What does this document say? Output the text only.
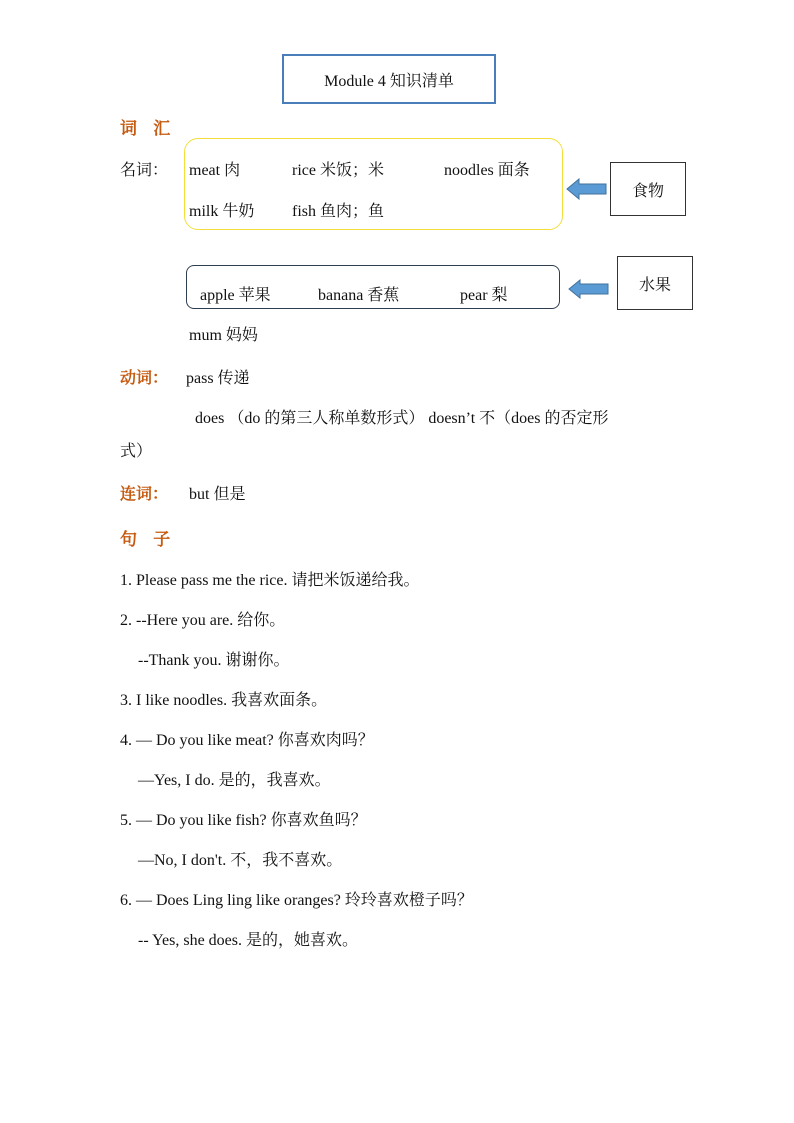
Module 4 知识清单
词 汇
名词： meat 肉	rice 米饭；米	noodles 面条
milk 牛奶 fish 鱼肉；鱼
食物
apple 苹果	banana 香蕉	pear 梨
水果
mum 妈妈
动词： pass 传递
does （do 的第三人称单数形式） doesn’t 不（does 的否定形
式）
连词： but 但是
句 子
1. Please pass me the rice. 请把米饭递给我。
2. --Here you are. 给你。
--Thank you. 谢谢你。
3. I like noodles. 我喜欢面条。
4. — Do you like meat? 你喜欢肉吗？
—Yes, I do. 是的，我喜欢。
5. — Do you like fish? 你喜欢鱼吗？
—No, I don't. 不，我不喜欢。
6. — Does Ling ling like oranges? 玲玲喜欢橙子吗？
-- Yes, she does. 是的，她喜欢。
